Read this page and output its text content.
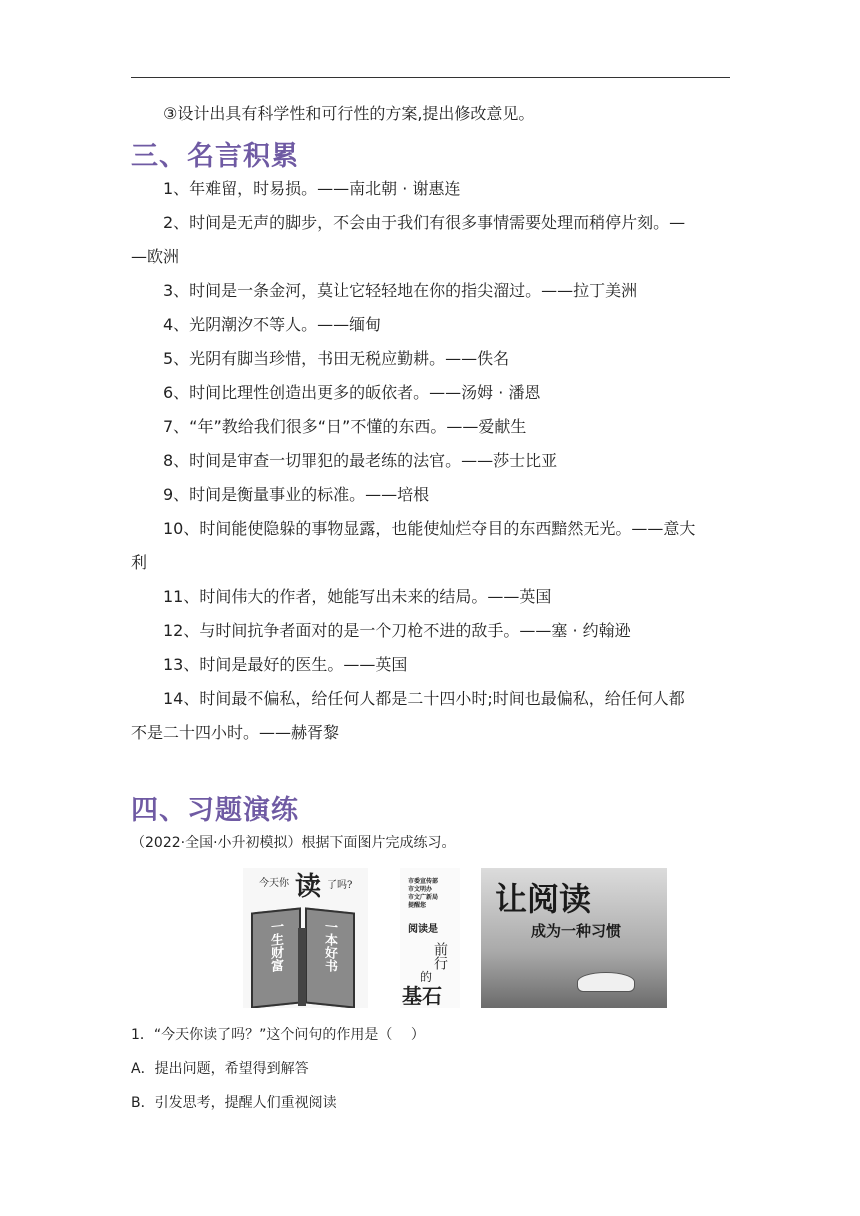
③设计出具有科学性和可行性的方案,提出修改意见。
三、名言积累
1、年难留，时易损。——南北朝 · 谢惠连
2、时间是无声的脚步，不会由于我们有很多事情需要处理而稍停片刻。—
—欧洲
3、时间是一条金河，莫让它轻轻地在你的指尖溜过。——拉丁美洲
4、光阴潮汐不等人。——缅甸
5、光阴有脚当珍惜，书田无税应勤耕。——佚名
6、时间比理性创造出更多的皈依者。——汤姆 · 潘恩
7、“年”教给我们很多“日”不懂的东西。——爱献生
8、时间是审查一切罪犯的最老练的法官。——莎士比亚
9、时间是衡量事业的标准。——培根
10、时间能使隐躲的事物显露，也能使灿烂夺目的东西黯然无光。——意大
利
11、时间伟大的作者，她能写出未来的结局。——英国
12、与时间抗争者面对的是一个刀枪不进的敌手。——塞 · 约翰逊
13、时间是最好的医生。——英国
14、时间最不偏私，给任何人都是二十四小时;时间也最偏私，给任何人都
不是二十四小时。——赫胥黎
四、习题演练
（2022·全国·小升初模拟）根据下面图片完成练习。
今天你 读 了吗?
一生财富	一本好书
市委宣传部
市文明办
市文广新局
提醒您
阅读是
前行
的
基石
让阅读
成为一种习惯
1．“今天你读了吗？”这个问句的作用是（　 ）
A．提出问题，希望得到解答
B．引发思考，提醒人们重视阅读
